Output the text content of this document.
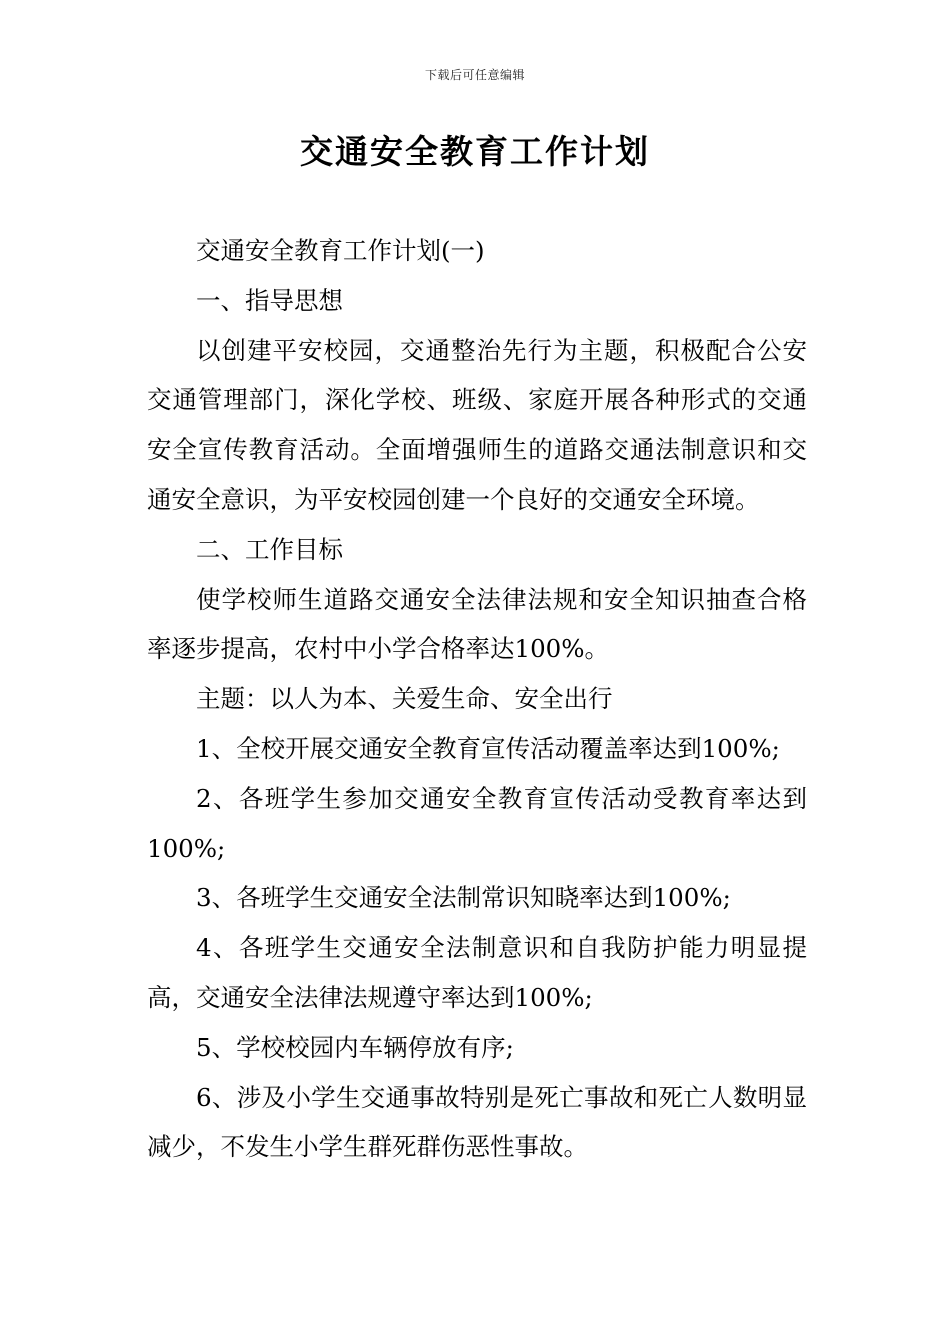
下载后可任意编辑
交通安全教育工作计划

交通安全教育工作计划(一)

一、指导思想

以创建平安校园，交通整治先行为主题，积极配合公安交通管理部门，深化学校、班级、家庭开展各种形式的交通安全宣传教育活动。全面增强师生的道路交通法制意识和交通安全意识，为平安校园创建一个良好的交通安全环境。

二、工作目标

使学校师生道路交通安全法律法规和安全知识抽查合格率逐步提高，农村中小学合格率达100%。

主题：以人为本、关爱生命、安全出行

1、全校开展交通安全教育宣传活动覆盖率达到100%;

2、各班学生参加交通安全教育宣传活动受教育率达到100%;

3、各班学生交通安全法制常识知晓率达到100%;

4、各班学生交通安全法制意识和自我防护能力明显提高，交通安全法律法规遵守率达到100%;

5、学校校园内车辆停放有序;

6、涉及小学生交通事故特别是死亡事故和死亡人数明显减少，不发生小学生群死群伤恶性事故。
